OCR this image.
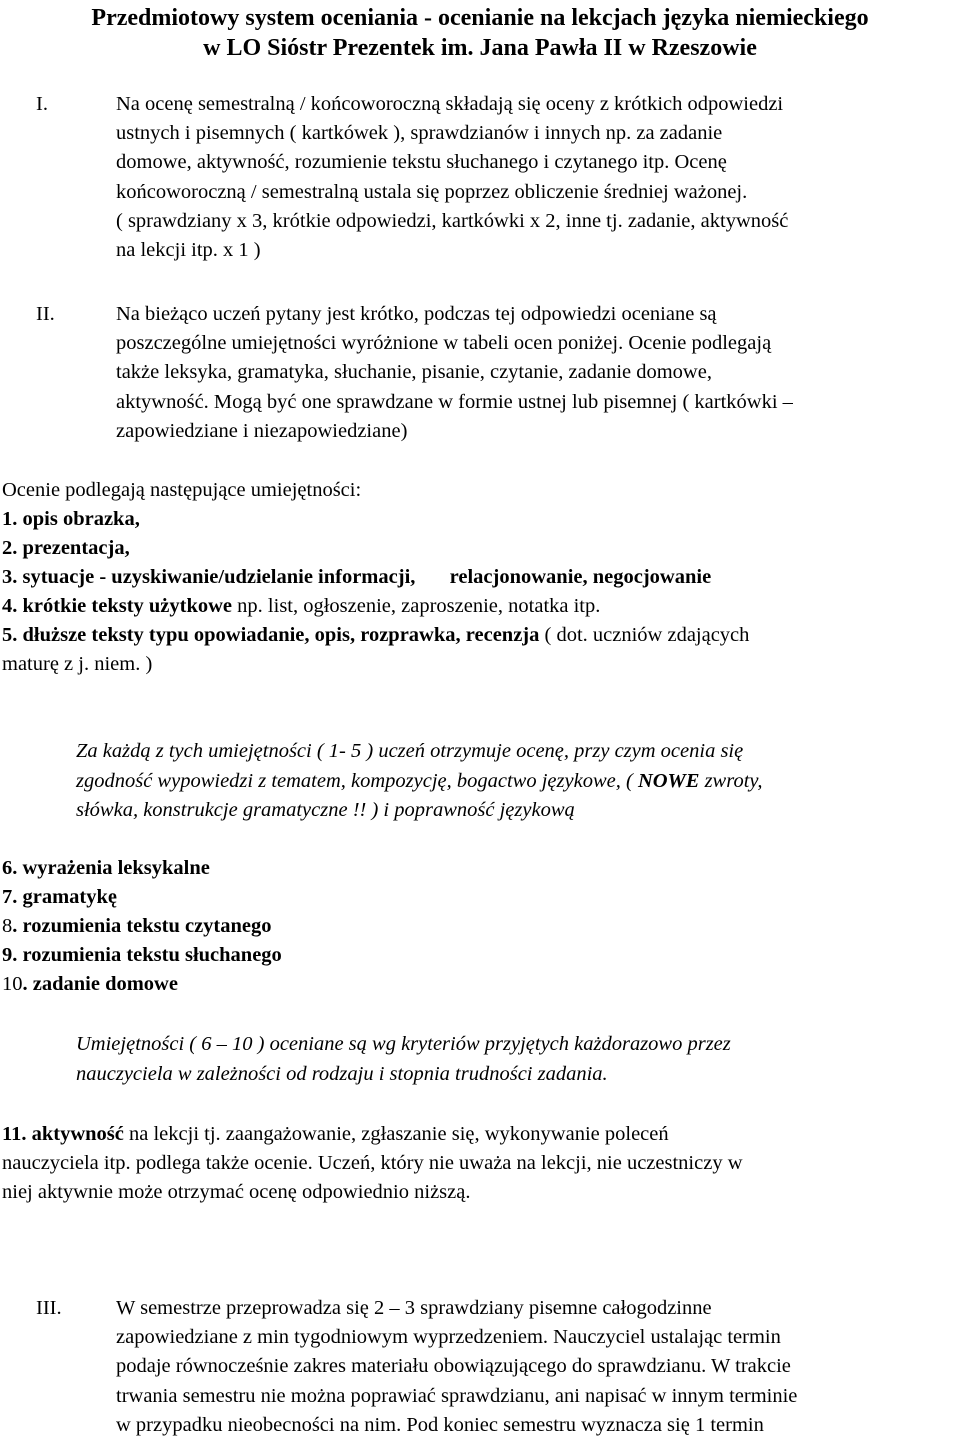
Przedmiotowy system oceniania - ocenianie na lekcjach języka niemieckiego
w LO Sióstr Prezentek im. Jana Pawła II w Rzeszowie
I.	Na ocenę semestralną / końcoworoczną składają się oceny z krótkich odpowiedzi
ustnych i pisemnych ( kartkówek ), sprawdzianów i innych np. za zadanie
domowe, aktywność, rozumienie tekstu słuchanego i czytanego itp. Ocenę
końcoworoczną / semestralną ustala się poprzez obliczenie średniej ważonej.
( sprawdziany x 3, krótkie odpowiedzi, kartkówki x 2, inne tj. zadanie, aktywność
na lekcji itp. x 1 )
II.	Na bieżąco uczeń pytany jest krótko, podczas tej odpowiedzi oceniane są
poszczególne umiejętności wyróżnione w tabeli ocen poniżej. Ocenie podlegają
także leksyka, gramatyka, słuchanie, pisanie, czytanie, zadanie domowe,
aktywność. Mogą być one sprawdzane w formie ustnej lub pisemnej ( kartkówki –
zapowiedziane i niezapowiedziane)
Ocenie podlegają następujące umiejętności:
1. opis obrazka,
2. prezentacja,
3. sytuacje - uzyskiwanie/udzielanie informacji, relacjonowanie, negocjowanie
4. krótkie teksty użytkowe np. list, ogłoszenie, zaproszenie, notatka itp.
5. dłuższe teksty typu opowiadanie, opis, rozprawka, recenzja ( dot. uczniów zdających
maturę z j. niem. )
Za każdą z tych umiejętności ( 1- 5 ) uczeń otrzymuje ocenę, przy czym ocenia się
zgodność wypowiedzi z tematem, kompozycję, bogactwo językowe, ( NOWE zwroty,
słówka, konstrukcje gramatyczne !! ) i poprawność językową
6. wyrażenia leksykalne
7. gramatykę
8. rozumienia tekstu czytanego
9. rozumienia tekstu słuchanego
10. zadanie domowe
Umiejętności ( 6 – 10 ) oceniane są wg kryteriów przyjętych każdorazowo przez
nauczyciela w zależności od rodzaju i stopnia trudności zadania.
11. aktywność na lekcji tj. zaangażowanie, zgłaszanie się, wykonywanie poleceń
nauczyciela itp. podlega także ocenie. Uczeń, który nie uważa na lekcji, nie uczestniczy w
niej aktywnie może otrzymać ocenę odpowiednio niższą.
III.	W semestrze przeprowadza się 2 – 3 sprawdziany pisemne całogodzinne
zapowiedziane z min tygodniowym wyprzedzeniem. Nauczyciel ustalając termin
podaje równocześnie zakres materiału obowiązującego do sprawdzianu. W trakcie
trwania semestru nie można poprawiać sprawdzianu, ani napisać w innym terminie
w przypadku nieobecności na nim. Pod koniec semestru wyznacza się 1 termin
